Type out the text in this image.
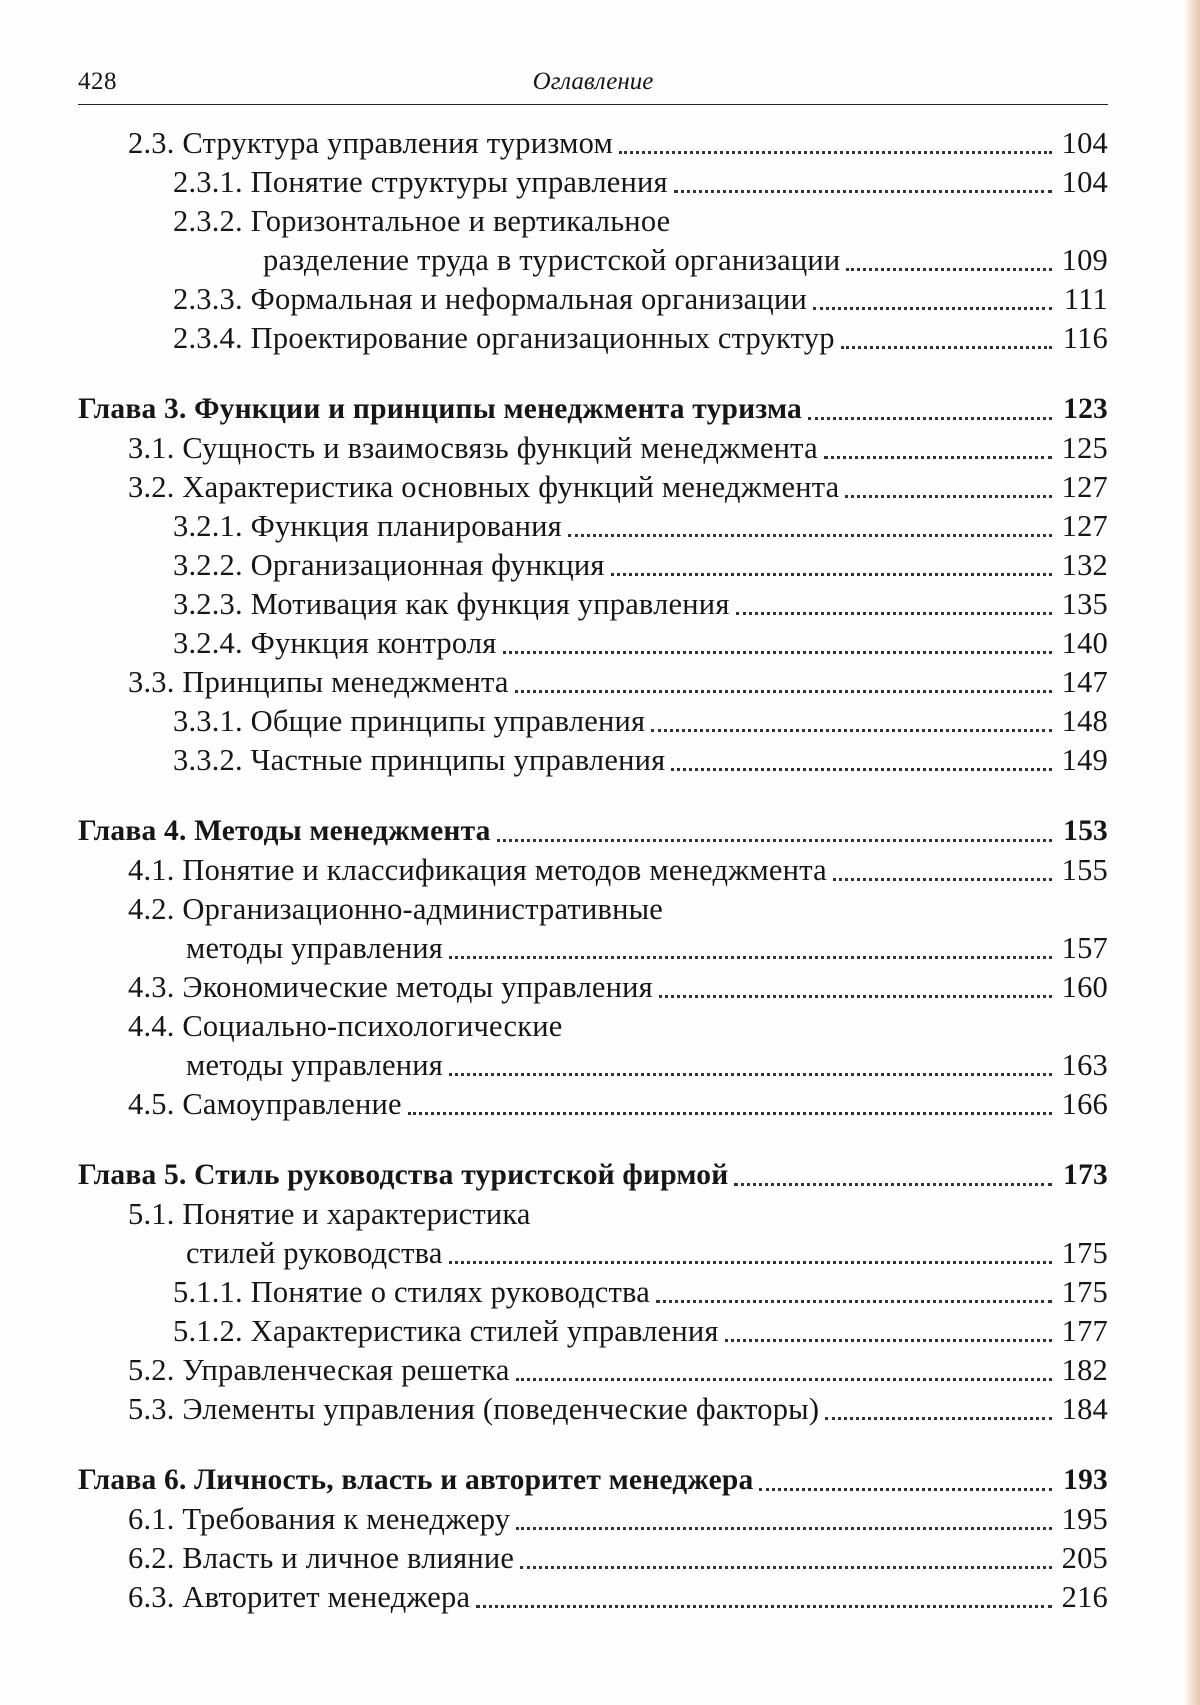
428	Оглавление
2.3. Структура управления туризмом	104
2.3.1. Понятие структуры управления	104
2.3.2. Горизонтальное и вертикальное
разделение труда в туристской организации	109
2.3.3. Формальная и неформальная организации	111
2.3.4. Проектирование организационных структур	116
Глава 3. Функции и принципы менеджмента туризма	123
3.1. Сущность и взаимосвязь функций менеджмента	125
3.2. Характеристика основных функций менеджмента	127
3.2.1. Функция планирования	127
3.2.2. Организационная функция	132
3.2.3. Мотивация как функция управления	135
3.2.4. Функция контроля	140
3.3. Принципы менеджмента	147
3.3.1. Общие принципы управления	148
3.3.2. Частные принципы управления	149
Глава 4. Методы менеджмента	153
4.1. Понятие и классификация методов менеджмента	155
4.2. Организационно-административные
методы управления	157
4.3. Экономические методы управления	160
4.4. Социально-психологические
методы управления	163
4.5. Самоуправление	166
Глава 5. Стиль руководства туристской фирмой	173
5.1. Понятие и характеристика
стилей руководства	175
5.1.1. Понятие о стилях руководства	175
5.1.2. Характеристика стилей управления	177
5.2. Управленческая решетка	182
5.3. Элементы управления (поведенческие факторы)	184
Глава 6. Личность, власть и авторитет менеджера	193
6.1. Требования к менеджеру	195
6.2. Власть и личное влияние	205
6.3. Авторитет менеджера	216
